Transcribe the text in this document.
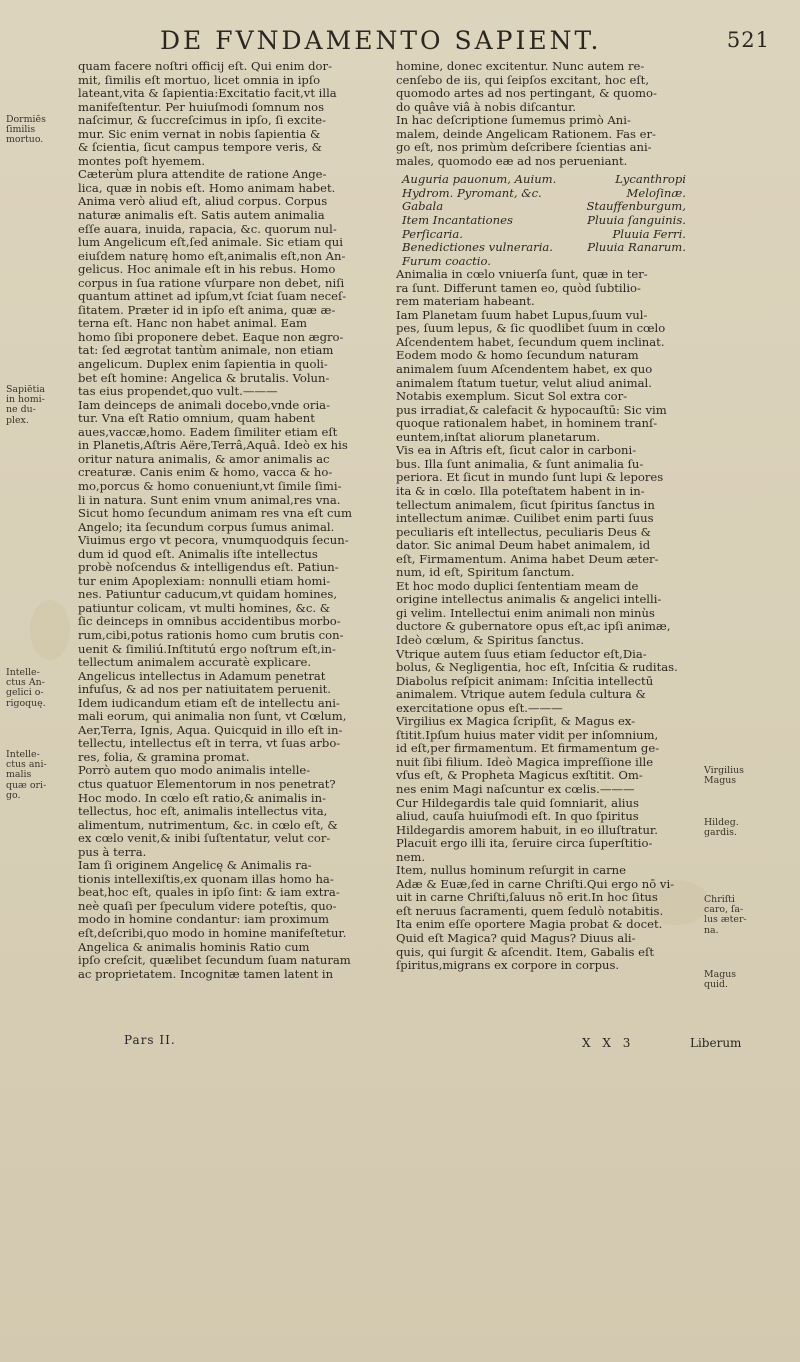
DE FVNDAMENTO SAPIENT.	521
quam facere noſtri officij eſt. Qui enim dor-
mit, ſimilis eſt mortuo, licet omnia in ipſo
lateant,vita & ſapientia:Excitatio facit,vt illa
manifeſtentur. Per huiuſmodi ſomnum nos
naſcimur, & ſuccreſcimus in ipſo, ſi excite-
mur. Sic enim vernat in nobis ſapientia &
& ſcientia, ſicut campus tempore veris, &
montes poſt hyemem.
Cæterùm plura attendite de ratione Ange-
lica, quæ in nobis eſt. Homo animam habet.
Anima verò aliud eſt, aliud corpus. Corpus
naturæ animalis eſt. Satis autem animalia
eſſe auara, inuida, rapacia, &c. quorum nul-
lum Angelicum eſt,ſed animale. Sic etiam qui
eiuſdem naturę homo eſt,animalis eſt,non An-
gelicus. Hoc animale eſt in his rebus. Homo
corpus in ſua ratione vſurpare non debet, niſi
quantum attinet ad ipſum,vt ſciat ſuam neceſ-
ſitatem. Præter id in ipſo eſt anima, quæ æ-
terna eſt. Hanc non habet animal. Eam
homo ſibi proponere debet. Eaque non ægro-
tat: ſed ægrotat tantùm animale, non etiam
angelicum. Duplex enim ſapientia in quoli-
bet eſt homine: Angelica & brutalis. Volun-
tas eius propendet,quo vult.———
Iam deinceps de animali docebo,vnde oria-
tur. Vna eſt Ratio omnium, quam habent
aues,vaccæ,homo. Eadem ſimiliter etiam eſt
in Planetis,Aſtris Aëre,Terrâ,Aquâ. Ideò ex his
oritur natura animalis, & amor animalis ac
creaturæ. Canis enim & homo, vacca & ho-
mo,porcus & homo conueniunt,vt ſimile ſimi-
li in natura. Sunt enim vnum animal,res vna.
Sicut homo ſecundum animam res vna eſt cum
Angelo; ita ſecundum corpus ſumus animal.
Viuimus ergo vt pecora, vnumquodquis ſecun-
dum id quod eſt. Animalis iſte intellectus
probè noſcendus & intelligendus eſt. Patiun-
tur enim Apoplexiam: nonnulli etiam homi-
nes. Patiuntur caducum,vt quidam homines,
patiuntur colicam, vt multi homines, &c. &
ſic deinceps in omnibus accidentibus morbo-
rum,cibi,potus rationis homo cum brutis con-
uenit & ſimiliú.Inſtitutú ergo noſtrum eſt,in-
tellectum animalem accuratè explicare.
Angelicus intellectus in Adamum penetrat
infuſus, & ad nos per natiuitatem peruenit.
Idem iudicandum etiam eſt de intellectu ani-
mali eorum, qui animalia non ſunt, vt Cœlum,
Aer,Terra, Ignis, Aqua. Quicquid in illo eſt in-
tellectu, intellectus eſt in terra, vt ſuas arbo-
res, folia, & gramina promat.
Porrò autem quo modo animalis intelle-
ctus quatuor Elementorum in nos penetrat?
Hoc modo. In cœlo eſt ratio,& animalis in-
tellectus, hoc eſt, animalis intellectus vita,
alimentum, nutrimentum, &c. in cœlo eſt, &
ex cœlo venit,& inibi ſuſtentatur, velut cor-
pus à terra.
Iam ſi originem Angelicę & Animalis ra-
tionis intellexiſtis,ex quonam illas homo ha-
beat,hoc eſt, quales in ipſo ſint: & iam extra-
neè quaſi per ſpeculum videre poteſtis, quo-
modo in homine condantur: iam proximum
eſt,deſcribi,quo modo in homine manifeſtetur.
Angelica & animalis hominis Ratio cum
ipſo creſcit, quælibet ſecundum ſuam naturam
ac proprietatem. Incognitæ tamen latent in
homine, donec excitentur. Nunc autem re-
cenſebo de iis, qui ſeipſos excitant, hoc eſt,
quomodo artes ad nos pertingant, & quomo-
do quâve viâ à nobis diſcantur.
In hac deſcriptione ſumemus primò Ani-
malem, deinde Angelicam Rationem. Fas er-
go eſt, nos primùm deſcribere ſcientias ani-
males, quomodo eæ ad nos perueniant.
Auguria pauonum, Auium.	Lycanthropi
Hydrom. Pyromant, &c.	Meloſinæ.
Gabala	Stauffenburgum,
Item Incantationes	Pluuia ſanguinis.
Perſicaria.	Pluuia Ferri.
Benedictiones vulneraria.	Pluuia Ranarum.
Furum coactio.
Animalia in cœlo vniuerſa ſunt, quæ in ter-
ra ſunt. Differunt tamen eo, quòd ſubtilio-
rem materiam habeant.
Iam Planetam ſuum habet Lupus,ſuum vul-
pes, ſuum lepus, & ſic quodlibet ſuum in cœlo
Aſcendentem habet, ſecundum quem inclinat.
Eodem modo & homo ſecundum naturam
animalem ſuum Aſcendentem habet, ex quo
animalem ſtatum tuetur, velut aliud animal.
Notabis exemplum. Sicut Sol extra cor-
pus irradiat,& calefacit & hypocauſtū: Sic vim
quoque rationalem habet, in hominem tranſ-
euntem,inſtat aliorum planetarum.
Vis ea in Aſtris eſt, ſicut calor in carboni-
bus. Illa ſunt animalia, & ſunt animalia ſu-
periora. Et ſicut in mundo ſunt lupi & lepores
ita & in cœlo. Illa poteſtatem habent in in-
tellectum animalem, ſicut ſpiritus ſanctus in
intellectum animæ. Cuilibet enim parti ſuus
peculiaris eſt intellectus, peculiaris Deus &
dator. Sic animal Deum habet animalem, id
eſt, Firmamentum. Anima habet Deum æter-
num, id eſt, Spiritum ſanctum.
Et hoc modo duplici ſententiam meam de
origine intellectus animalis & angelici intelli-
gi velim. Intellectui enim animali non minùs
ductore & gubernatore opus eſt,ac ipſi animæ,
Ideò cœlum, & Spiritus ſanctus.
Vtrique autem ſuus etiam ſeductor eſt,Dia-
bolus, & Negligentia, hoc eſt, Inſcitia & ruditas.
Diabolus reſpicit animam: Inſcitia intellectū
animalem. Vtrique autem ſedula cultura &
exercitatione opus eſt.———
Virgilius ex Magica ſcripſit, & Magus ex-
ſtitit.Ipſum huius mater vidit per inſomnium,
id eſt,per firmamentum. Et firmamentum ge-
nuit ſibi filium. Ideò Magica impreſſione ille
vſus eſt, & Propheta Magicus exſtitit. Om-
nes enim Magi naſcuntur ex cœlis.———
Cur Hildegardis tale quid ſomniarit, alius
aliud, cauſa huiuſmodi eſt. In quo ſpiritus
Hildegardis amorem habuit, in eo illuſtratur.
Placuit ergo illi ita, ſeruire circa ſuperſtitio-
nem.
Item, nullus hominum reſurgit in carne
Adæ & Euæ,ſed in carne Chriſti.Qui ergo nō vi-
uit in carne Chriſti,ſaluus nō erit.In hoc ſitus
eſt neruus ſacramenti, quem ſedulò notabitis.
Ita enim eſſe oportere Magia probat & docet.
Quid eſt Magica? quid Magus? Diuus ali-
quis, qui ſurgit & aſcendit. Item, Gabalis eſt
ſpiritus,migrans ex corpore in corpus.
Dormiēs
ſimilis
mortuo.
Sapiētia
in homi-
ne du-
plex.
Intelle-
ctus An-
gelici o-
rigoquę.
Intelle-
ctus ani-
malis
quæ ori-
go.
Virgilius
Magus
Hildeg.
gardis.
Chriſti
caro, ſa-
lus æter-
na.
Magus
quid.
Pars II.	X X 3	Liberum
